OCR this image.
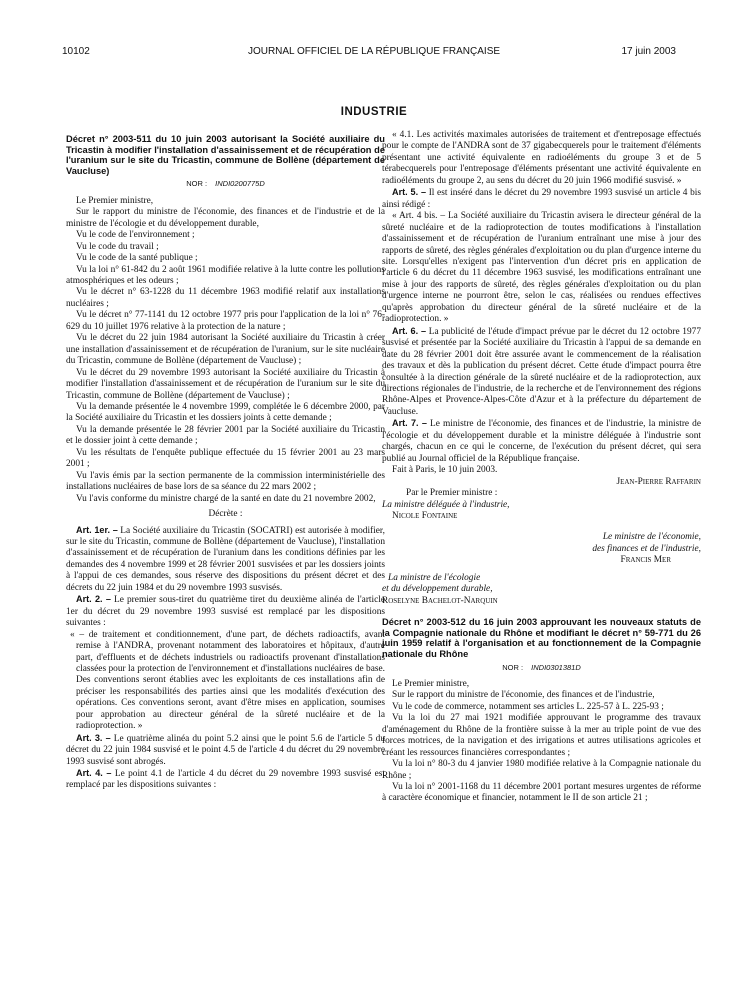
10102	JOURNAL OFFICIEL DE LA RÉPUBLIQUE FRANÇAISE	17 juin 2003
INDUSTRIE
Décret n° 2003-511 du 10 juin 2003 autorisant la Société auxiliaire du Tricastin à modifier l'installation d'assainissement et de récupération de l'uranium sur le site du Tricastin, commune de Bollène (département de Vaucluse)
NOR : INDI0200775D

Le Premier ministre,

Sur le rapport du ministre de l'économie, des finances et de l'industrie et de la ministre de l'écologie et du développement durable,

Vu le code de l'environnement ;

Vu le code du travail ;

Vu le code de la santé publique ;

Vu la loi n° 61-842 du 2 août 1961 modifiée relative à la lutte contre les pollutions atmosphériques et les odeurs ;

Vu le décret n° 63-1228 du 11 décembre 1963 modifié relatif aux installations nucléaires ;

Vu le décret n° 77-1141 du 12 octobre 1977 pris pour l'application de la loi n° 76-629 du 10 juillet 1976 relative à la protection de la nature ;

Vu le décret du 22 juin 1984 autorisant la Société auxiliaire du Tricastin à créer une installation d'assainissement et de récupération de l'uranium, sur le site nucléaire du Tricastin, commune de Bollène (département de Vaucluse) ;

Vu le décret du 29 novembre 1993 autorisant la Société auxiliaire du Tricastin à modifier l'installation d'assainissement et de récupération de l'uranium sur le site du Tricastin, commune de Bollène (département de Vaucluse) ;

Vu la demande présentée le 4 novembre 1999, complétée le 6 décembre 2000, par la Société auxiliaire du Tricastin et les dossiers joints à cette demande ;

Vu la demande présentée le 28 février 2001 par la Société auxiliaire du Tricastin et le dossier joint à cette demande ;

Vu les résultats de l'enquête publique effectuée du 15 février 2001 au 23 mars 2001 ;

Vu l'avis émis par la section permanente de la commission interministérielle des installations nucléaires de base lors de sa séance du 22 mars 2002 ;

Vu l'avis conforme du ministre chargé de la santé en date du 21 novembre 2002,

Décrète :

Art. 1er. – La Société auxiliaire du Tricastin (SOCATRI) est autorisée à modifier, sur le site du Tricastin, commune de Bollène (département de Vaucluse), l'installation d'assainissement et de récupération de l'uranium dans les conditions définies par les demandes des 4 novembre 1999 et 28 février 2001 susvisées et par les dossiers joints à l'appui de ces demandes, sous réserve des dispositions du présent décret et des décrets du 22 juin 1984 et du 29 novembre 1993 susvisés.

Art. 2. – Le premier sous-tiret du quatrième tiret du deuxième alinéa de l'article 1er du décret du 29 novembre 1993 susvisé est remplacé par les dispositions suivantes :

« – de traitement et conditionnement, d'une part, de déchets radioactifs, avant remise à l'ANDRA, provenant notamment des laboratoires et hôpitaux, d'autre part, d'effluents et de déchets industriels ou radioactifs provenant d'installations classées pour la protection de l'environnement et d'installations nucléaires de base. Des conventions seront établies avec les exploitants de ces installations afin de préciser les responsabilités des parties ainsi que les modalités d'exécution des opérations. Ces conventions seront, avant d'être mises en application, soumises pour approbation au directeur général de la sûreté nucléaire et de la radioprotection. »

Art. 3. – Le quatrième alinéa du point 5.2 ainsi que le point 5.6 de l'article 5 du décret du 22 juin 1984 susvisé et le point 4.5 de l'article 4 du décret du 29 novembre 1993 susvisé sont abrogés.

Art. 4. – Le point 4.1 de l'article 4 du décret du 29 novembre 1993 susvisé est remplacé par les dispositions suivantes :

« 4.1. Les activités maximales autorisées de traitement et d'entreposage effectués pour le compte de l'ANDRA sont de 37 gigabecquerels pour le traitement d'éléments présentant une activité équivalente en radioéléments du groupe 3 et de 5 térabecquerels pour l'entreposage d'éléments présentant une activité équivalente en radioéléments du groupe 2, au sens du décret du 20 juin 1966 modifié susvisé. »

Art. 5. – Il est inséré dans le décret du 29 novembre 1993 susvisé un article 4 bis ainsi rédigé :

« Art. 4 bis. – La Société auxiliaire du Tricastin avisera le directeur général de la sûreté nucléaire et de la radioprotection de toutes modifications à l'installation d'assainissement et de récupération de l'uranium entraînant une mise à jour des rapports de sûreté, des règles générales d'exploitation ou du plan d'urgence interne du site. Lorsqu'elles n'exigent pas l'intervention d'un décret pris en application de l'article 6 du décret du 11 décembre 1963 susvisé, les modifications entraînant une mise à jour des rapports de sûreté, des règles générales d'exploitation ou du plan d'urgence interne ne pourront être, selon le cas, réalisées ou rendues effectives qu'après approbation du directeur général de la sûreté nucléaire et de la radioprotection. »

Art. 6. – La publicité de l'étude d'impact prévue par le décret du 12 octobre 1977 susvisé et présentée par la Société auxiliaire du Tricastin à l'appui de sa demande en date du 28 février 2001 doit être assurée avant le commencement de la réalisation des travaux et dès la publication du présent décret. Cette étude d'impact pourra être consultée à la direction générale de la sûreté nucléaire et de la radioprotection, aux directions régionales de l'industrie, de la recherche et de l'environnement des régions Rhône-Alpes et Provence-Alpes-Côte d'Azur et à la préfecture du département de Vaucluse.

Art. 7. – Le ministre de l'économie, des finances et de l'industrie, la ministre de l'écologie et du développement durable et la ministre déléguée à l'industrie sont chargés, chacun en ce qui le concerne, de l'exécution du présent décret, qui sera publié au Journal officiel de la République française.

Fait à Paris, le 10 juin 2003.

Jean-Pierre Raffarin

Par le Premier ministre :

La ministre déléguée à l'industrie,

Nicole Fontaine

Le ministre de l'économie,

des finances et de l'industrie,

Francis Mer

La ministre de l'écologie

et du développement durable,

Roselyne Bachelot-Narquin

Décret n° 2003-512 du 16 juin 2003 approuvant les nouveaux statuts de la Compagnie nationale du Rhône et modifiant le décret n° 59-771 du 26 juin 1959 relatif à l'organisation et au fonctionnement de la Compagnie nationale du Rhône
NOR : INDI0301381D

Le Premier ministre,

Sur le rapport du ministre de l'économie, des finances et de l'industrie,

Vu le code de commerce, notamment ses articles L. 225-57 à L. 225-93 ;

Vu la loi du 27 mai 1921 modifiée approuvant le programme des travaux d'aménagement du Rhône de la frontière suisse à la mer au triple point de vue des forces motrices, de la navigation et des irrigations et autres utilisations agricoles et créant les ressources financières correspondantes ;

Vu la loi n° 80-3 du 4 janvier 1980 modifiée relative à la Compagnie nationale du Rhône ;

Vu la loi n° 2001-1168 du 11 décembre 2001 portant mesures urgentes de réforme à caractère économique et financier, notamment le II de son article 21 ;
